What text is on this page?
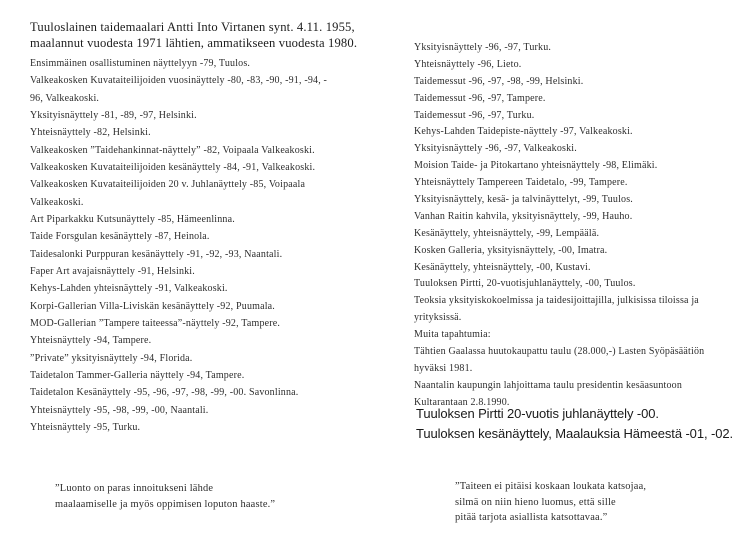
Tuuloslainen taidemaalari Antti Into Virtanen synt. 4.11. 1955,
maalannut vuodesta 1971 lähtien, ammatikseen vuodesta 1980.
Ensimmäinen osallistuminen näyttelyyn -79, Tuulos.
Valkeakosken Kuvataiteilijoiden vuosinäyttely -80, -83, -90, -91, -94, -
96, Valkeakoski.
Yksityisnäyttely -81, -89, -97, Helsinki.
Yhteisnäyttely -82, Helsinki.
Valkeakosken ”Taidehankinnat-näyttely” -82, Voipaala Valkeakoski.
Valkeakosken Kuvataiteilijoiden kesänäyttely -84, -91, Valkeakoski.
Valkeakosken Kuvataiteilijoiden 20 v. Juhlanäyttely -85, Voipaala
Valkeakoski.
Art Piparkakku Kutsunäyttely -85, Hämeenlinna.
Taide Forsgulan kesänäyttely -87, Heinola.
Taidesalonki Purppuran kesänäyttely -91, -92, -93, Naantali.
Faper Art avajaisnäyttely -91, Helsinki.
Kehys-Lahden yhteisnäyttely -91, Valkeakoski.
Korpi-Gallerian Villa-Liviskän kesänäyttely -92, Puumala.
MOD-Gallerian ”Tampere taiteessa”-näyttely -92, Tampere.
Yhteisnäyttely -94, Tampere.
”Private” yksityisnäyttely -94, Florida.
Taidetalon Tammer-Galleria näyttely -94, Tampere.
Taidetalon Kesänäyttely -95, -96, -97, -98, -99, -00. Savonlinna.
Yhteisnäyttely -95, -98, -99, -00, Naantali.
Yhteisnäyttely -95, Turku.
Yksityisnäyttely -96, -97, Turku.
Yhteisnäyttely -96, Lieto.
Taidemessut -96, -97, -98, -99, Helsinki.
Taidemessut -96, -97, Tampere.
Taidemessut -96, -97, Turku.
Kehys-Lahden Taidepiste-näyttely -97, Valkeakoski.
Yksityisnäyttely -96, -97, Valkeakoski.
Moision Taide- ja Pitokartano yhteisnäyttely -98, Elimäki.
Yhteisnäyttely Tampereen Taidetalo, -99, Tampere.
Yksityisnäyttely, kesä- ja talvinäyttelyt, -99, Tuulos.
Vanhan Raitin kahvila, yksityisnäyttely, -99, Hauho.
Kesänäyttely, yhteisnäyttely, -99, Lempäälä.
Kosken Galleria, yksityisnäyttely, -00, Imatra.
Kesänäyttely, yhteisnäyttely, -00, Kustavi.
Tuuloksen Pirtti, 20-vuotisjuhlanäyttely, -00, Tuulos.
Teoksia yksityiskokoelmissa ja taidesijoittajilla, julkisissa tiloissa ja
yrityksissä.
Muita tapahtumia:
Tähtien Gaalassa huutokaupattu taulu (28.000,-) Lasten Syöpäsäätiön
hyväksi 1981.
Naantalin kaupungin lahjoittama taulu presidentin kesäasuntoon
Kultarantaan 2.8.1990.
Tuuloksen Pirtti 20-vuotis juhlanäyttely -00.
Tuuloksen kesänäyttely, Maalauksia Hämeestä -01, -02.
”Luonto on paras innoitukseni lähde
maalaamiselle ja myös oppimisen loputon haaste.”
”Taiteen ei pitäisi koskaan loukata katsojaa,
silmä on niin hieno luomus, että sille
pitää tarjota asiallista katsottavaa.”
